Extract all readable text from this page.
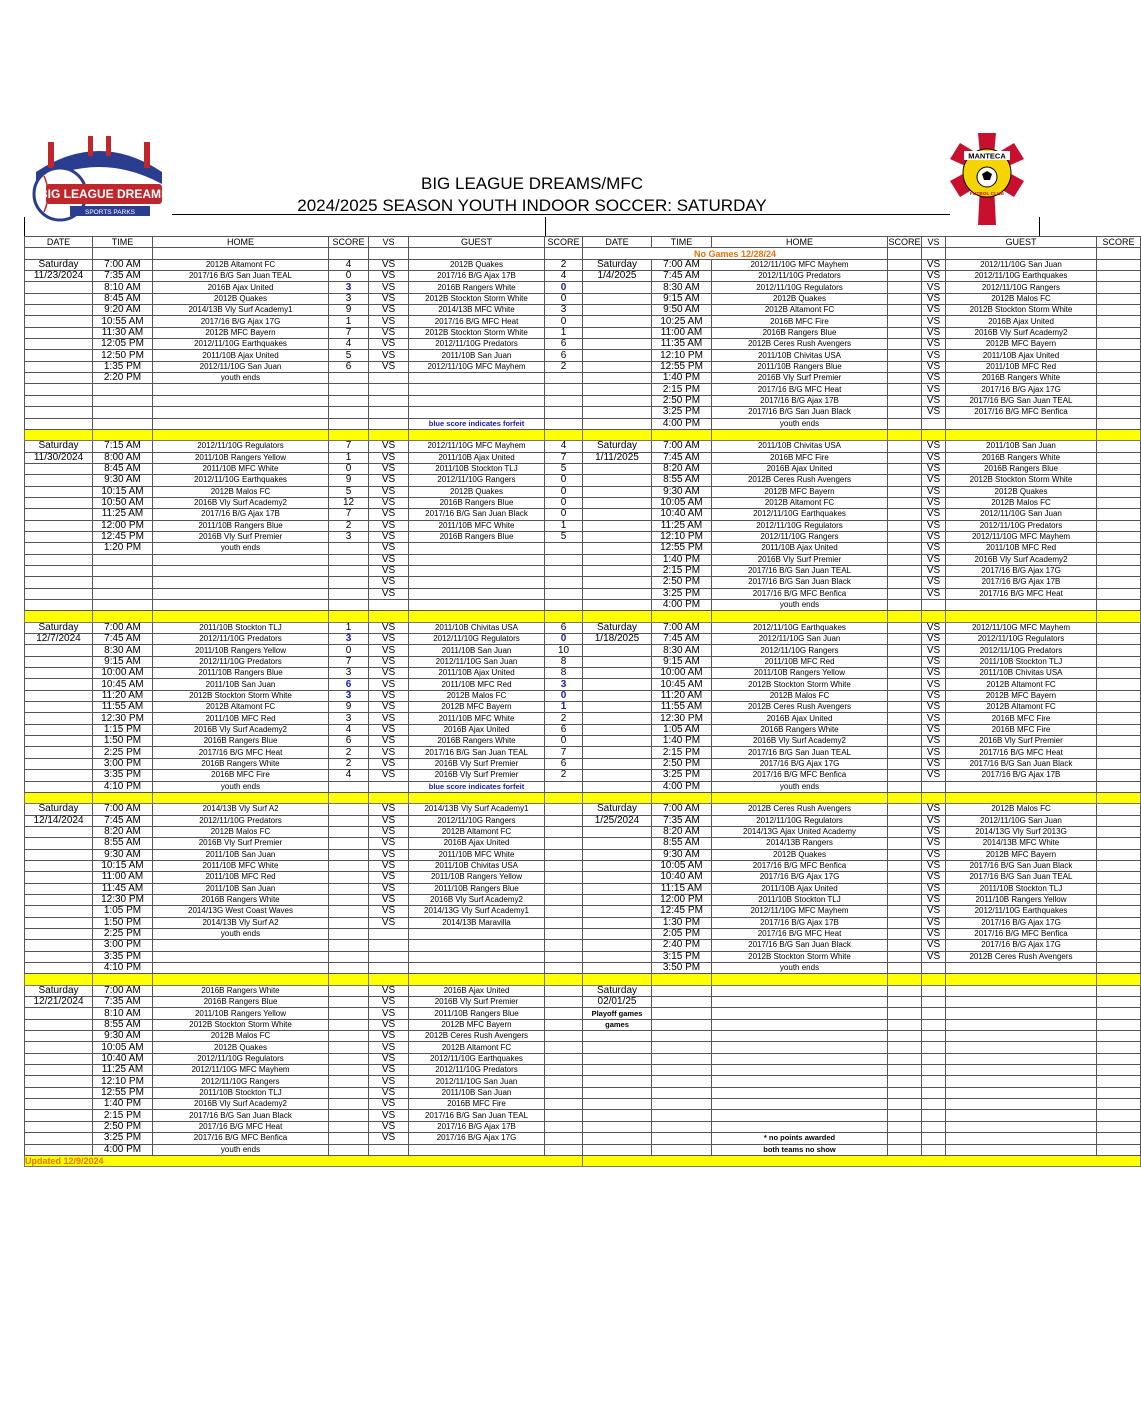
BIG LEAGUE DREAMS
SPORTS PARKS
MANTECA
FUTBOL CLUB
BIG LEAGUE DREAMS/MFC
2024/2025 SEASON YOUTH INDOOR SOCCER: SATURDAY
DATE	TIME	HOME	SCORE	VS	GUEST	SCORE	DATE	TIME	HOME	SCORE	VS	GUEST	SCORE
							No Games 12/28/24						
Saturday	7:00 AM	2012B Altamont FC	4	VS	2012B Quakes	2	Saturday	7:00 AM	2012/11/10G MFC Mayhem		VS	2012/11/10G San Juan	
11/23/2024	7:35 AM	2017/16 B/G San Juan TEAL	0	VS	2017/16 B/G Ajax 17B	4	1/4/2025	7:45 AM	2012/11/10G Predators		VS	2012/11/10G Earthquakes	
	8:10 AM	2016B Ajax United	3	VS	2016B Rangers White	0		8:30 AM	2012/11/10G Regulators		VS	2012/11/10G Rangers	
	8:45 AM	2012B Quakes	3	VS	2012B Stockton Storm White	0		9:15 AM	2012B Quakes		VS	2012B Malos FC	
	9:20 AM	2014/13B Vly Surf Academy1	9	VS	2014/13B MFC White	3		9:50 AM	2012B Altamont FC		VS	2012B Stockton Storm White	
	10:55 AM	2017/16 B/G Ajax 17G	1	VS	2017/16 B/G MFC Heat	0		10:25 AM	2016B MFC Fire		VS	2016B Ajax United	
	11:30 AM	2012B MFC Bayern	7	VS	2012B Stockton Storm White	1		11:00 AM	2016B Rangers Blue		VS	2016B Vly Surf Academy2	
	12:05 PM	2012/11/10G Earthquakes	4	VS	2012/11/10G Predators	6		11:35 AM	2012B Ceres Rush Avengers		VS	2012B MFC Bayern	
	12:50 PM	2011/10B Ajax United	5	VS	2011/10B San Juan	6		12:10 PM	2011/10B Chivitas USA		VS	2011/10B Ajax United	
	1:35 PM	2012/11/10G San Juan	6	VS	2012/11/10G MFC Mayhem	2		12:55 PM	2011/10B Rangers Blue		VS	2011/10B MFC Red	
	2:20 PM	youth ends						1:40 PM	2016B Vly Surf Premier		VS	2016B Rangers White	
								2:15 PM	2017/16 B/G MFC Heat		VS	2017/16 B/G Ajax 17G	
								2:50 PM	2017/16 B/G Ajax 17B		VS	2017/16 B/G San Juan TEAL	
								3:25 PM	2017/16 B/G San Juan Black		VS	2017/16 B/G MFC Benfica	
					blue score indicates forfeit			4:00 PM	youth ends				

Saturday	7:15 AM	2012/11/10G Regulators	7	VS	2012/11/10G MFC Mayhem	4	Saturday	7:00 AM	2011/10B Chivitas USA		VS	2011/10B San Juan	
11/30/2024	8:00 AM	2011/10B Rangers Yellow	1	VS	2011/10B Ajax United	7	1/11/2025	7:45 AM	2016B MFC Fire		VS	2016B Rangers White	
	8:45 AM	2011/10B MFC White	0	VS	2011/10B Stockton TLJ	5		8:20 AM	2016B Ajax United		VS	2016B Rangers Blue	
	9:30 AM	2012/11/10G Earthquakes	9	VS	2012/11/10G Rangers	0		8:55 AM	2012B Ceres Rush Avengers		VS	2012B Stockton Storm White	
	10:15 AM	2012B Malos FC	5	VS	2012B Quakes	0		9:30 AM	2012B MFC Bayern		VS	2012B Quakes	
	10:50 AM	2016B Vly Surf Academy2	12	VS	2016B Rangers Blue	0		10:05 AM	2012B Altamont FC		VS	2012B Malos FC	
	11:25 AM	2017/16 B/G Ajax 17B	7	VS	2017/16 B/G San Juan Black	0		10:40 AM	2012/11/10G Earthquakes		VS	2012/11/10G San Juan	
	12:00 PM	2011/10B Rangers Blue	2	VS	2011/10B MFC White	1		11:25 AM	2012/11/10G Regulators		VS	2012/11/10G Predators	
	12:45 PM	2016B Vly Surf Premier	3	VS	2016B Rangers Blue	5		12:10 PM	2012/11/10G Rangers		VS	2012/11/10G MFC Mayhem	
	1:20 PM	youth ends		VS				12:55 PM	2011/10B Ajax United		VS	2011/10B MFC Red	
				VS				1:40 PM	2016B Vly Surf Premier		VS	2016B Vly Surf Academy2	
				VS				2:15 PM	2017/16 B/G San Juan TEAL		VS	2017/16 B/G Ajax 17G	
				VS				2:50 PM	2017/16 B/G San Juan Black		VS	2017/16 B/G Ajax 17B	
				VS				3:25 PM	2017/16 B/G MFC Benfica		VS	2017/16 B/G MFC Heat	
								4:00 PM	youth ends				

Saturday	7:00 AM	2011/10B Stockton TLJ	1	VS	2011/10B Chivitas USA	6	Saturday	7:00 AM	2012/11/10G Earthquakes		VS	2012/11/10G MFC Mayhem	
12/7/2024	7:45 AM	2012/11/10G Predators	3	VS	2012/11/10G Regulators	0	1/18/2025	7:45 AM	2012/11/10G San Juan		VS	2012/11/10G Regulators	
	8:30 AM	2011/10B Rangers Yellow	0	VS	2011/10B San Juan	10		8:30 AM	2012/11/10G Rangers		VS	2012/11/10G Predators	
	9:15 AM	2012/11/10G Predators	7	VS	2012/11/10G San Juan	8		9:15 AM	2011/10B MFC Red		VS	2011/10B Stockton TLJ	
	10:00 AM	2011/10B Rangers Blue	3	VS	2011/10B Ajax United	8		10:00 AM	2011/10B Rangers Yellow		VS	2011/10B Chivitas USA	
	10:45 AM	2011/10B San Juan	6	VS	2011/10B MFC Red	3		10:45 AM	2012B Stockton Storm White		VS	2012B Altamont FC	
	11:20 AM	2012B Stockton Storm White	3	VS	2012B Malos FC	0		11:20 AM	2012B Malos FC		VS	2012B MFC Bayern	
	11:55 AM	2012B Altamont FC	9	VS	2012B MFC Bayern	1		11:55 AM	2012B Ceres Rush Avengers		VS	2012B Altamont FC	
	12:30 PM	2011/10B MFC Red	3	VS	2011/10B MFC White	2		12:30 PM	2016B Ajax United		VS	2016B MFC Fire	
	1:15 PM	2016B Vly Surf Academy2	4	VS	2016B Ajax United	6		1:05 AM	2016B Rangers White		VS	2016B MFC Fire	
	1:50 PM	2016B Rangers Blue	6	VS	2016B Rangers White	0		1:40 PM	2016B Vly Surf Academy2		VS	2016B Vly Surf Premier	
	2:25 PM	2017/16 B/G MFC Heat	2	VS	2017/16 B/G San Juan TEAL	7		2:15 PM	2017/16 B/G San Juan TEAL		VS	2017/16 B/G MFC Heat	
	3:00 PM	2016B Rangers White	2	VS	2016B Vly Surf Premier	6		2:50 PM	2017/16 B/G Ajax 17G		VS	2017/16 B/G San Juan Black	
	3:35 PM	2016B MFC Fire	4	VS	2016B Vly Surf Premier	2		3:25 PM	2017/16 B/G MFC Benfica		VS	2017/16 B/G Ajax 17B	
	4:10 PM	youth ends			blue score indicates forfeit			4:00 PM	youth ends				

Saturday	7:00 AM	2014/13B Vly Surf A2		VS	2014/13B Vly Surf Academy1		Saturday	7:00 AM	2012B Ceres Rush Avengers		VS	2012B Malos FC	
12/14/2024	7:45 AM	2012/11/10G Predators		VS	2012/11/10G Rangers		1/25/2024	7:35 AM	2012/11/10G Regulators		VS	2012/11/10G San Juan	
	8:20 AM	2012B Malos FC		VS	2012B Altamont FC			8:20 AM	2014/13G Ajax United Academy		VS	2014/13G Vly Surf 2013G	
	8:55 AM	2016B Vly Surf Premier		VS	2016B Ajax United			8:55 AM	2014/13B Rangers		VS	2014/13B MFC White	
	9:30 AM	2011/10B San Juan		VS	2011/10B MFC White			9:30 AM	2012B Quakes		VS	2012B MFC Bayern	
	10:15 AM	2011/10B MFC White		VS	2011/10B Chivitas USA			10:05 AM	2017/16 B/G MFC Benfica		VS	2017/16 B/G San Juan Black	
	11:00 AM	2011/10B MFC Red		VS	2011/10B Rangers Yellow			10:40 AM	2017/16 B/G Ajax 17G		VS	2017/16 B/G San Juan TEAL	
	11:45 AM	2011/10B San Juan		VS	2011/10B Rangers Blue			11:15 AM	2011/10B Ajax United		VS	2011/10B Stockton TLJ	
	12:30 PM	2016B Rangers White		VS	2016B Vly Surf Academy2			12:00 PM	2011/10B Stockton TLJ		VS	2011/10B Rangers Yellow	
	1:05 PM	2014/13G West Coast Waves		VS	2014/13G Vly Surf Academy1			12:45 PM	2012/11/10G MFC Mayhem		VS	2012/11/10G Earthquakes	
	1:50 PM	2014/13B Vly Surf A2		VS	2014/13B Maravilla			1:30 PM	2017/16 B/G Ajax 17B		VS	2017/16 B/G Ajax 17G	
	2:25 PM	youth ends						2:05 PM	2017/16 B/G MFC Heat		VS	2017/16 B/G MFC Benfica	
	3:00 PM							2:40 PM	2017/16 B/G San Juan Black		VS	2017/16 B/G Ajax 17G	
	3:35 PM							3:15 PM	2012B Stockton Storm White		VS	2012B Ceres Rush Avengers	
	4:10 PM							3:50 PM	youth ends				

Saturday	7:00 AM	2016B Rangers White		VS	2016B Ajax United		Saturday						
12/21/2024	7:35 AM	2016B Rangers Blue		VS	2016B Vly Surf Premier		02/01/25						
	8:10 AM	2011/10B Rangers Yellow		VS	2011/10B Rangers Blue		Playoff games						
	8:55 AM	2012B Stockton Storm White		VS	2012B MFC Bayern		games						
	9:30 AM	2012B Malos FC		VS	2012B Ceres Rush Avengers								
	10:05 AM	2012B Quakes		VS	2012B Altamont FC								
	10:40 AM	2012/11/10G Regulators		VS	2012/11/10G Earthquakes								
	11:25 AM	2012/11/10G MFC Mayhem		VS	2012/11/10G Predators								
	12:10 PM	2012/11/10G Rangers		VS	2012/11/10G San Juan								
	12:55 PM	2011/10B Stockton TLJ		VS	2011/10B San Juan								
	1:40 PM	2016B Vly Surf Academy2		VS	2016B MFC Fire								
	2:15 PM	2017/16 B/G San Juan Black		VS	2017/16 B/G San Juan TEAL								
	2:50 PM	2017/16 B/G MFC Heat		VS	2017/16 B/G Ajax 17B								
	3:25 PM	2017/16 B/G MFC Benfica		VS	2017/16 B/G Ajax 17G				* no points awarded				
	4:00 PM	youth ends							both teams no show				
Updated 12/9/2024													
